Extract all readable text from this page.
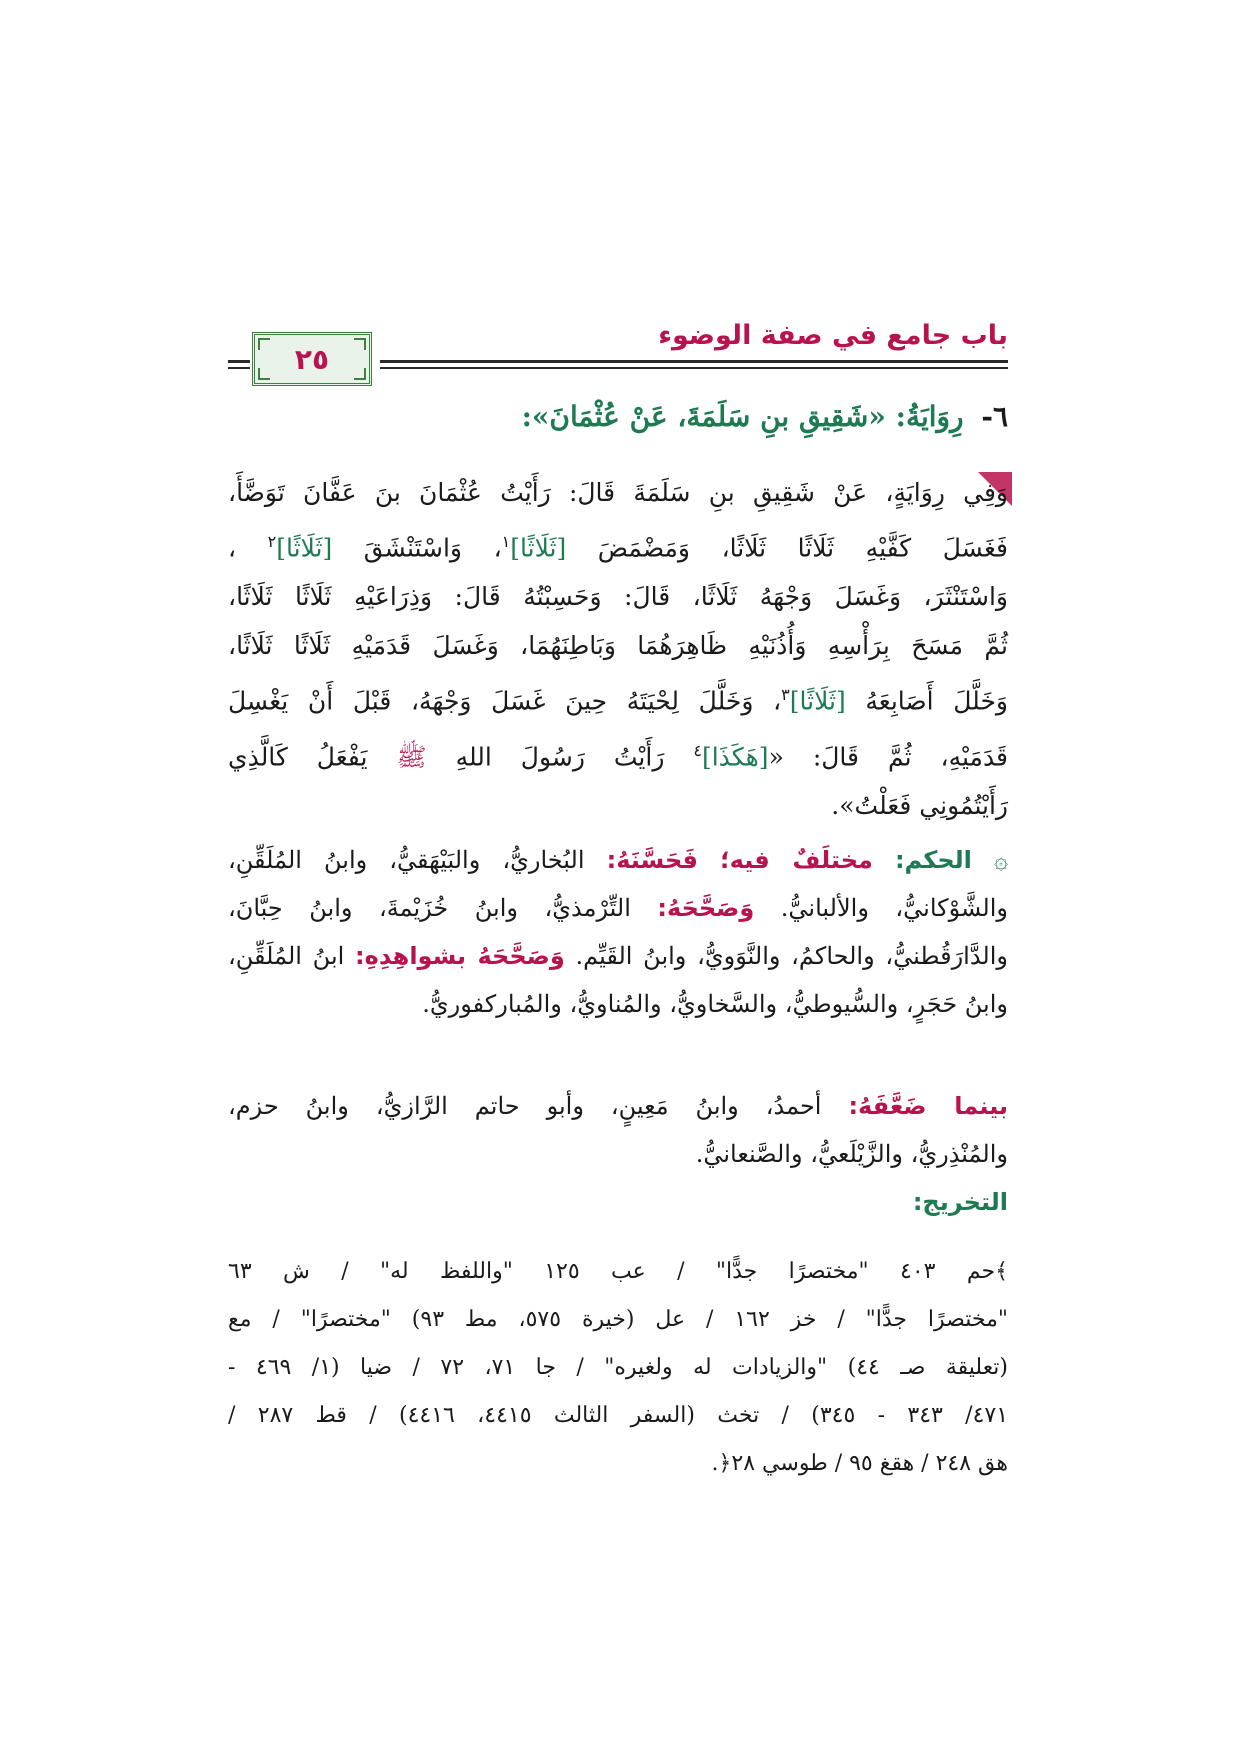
باب جامع في صفة الوضوء
٢٥
٦- رِوَايَةُ: «شَقِيقِ بنِ سَلَمَةَ، عَنْ عُثْمَانَ»:
وَفِي رِوَايَةٍ، عَنْ شَقِيقِ بنِ سَلَمَةَ قَالَ: رَأَيْتُ عُثْمَانَ بنَ عَفَّانَ تَوَضَّأَ،
فَغَسَلَ كَفَّيْهِ ثَلَاثًا ثَلَاثًا، وَمَضْمَضَ [ثَلَاثًا]$^١$، وَاسْتَنْشَقَ [ثَلَاثًا]$^٢$ ،
وَاسْتَنْثَرَ، وَغَسَلَ وَجْهَهُ ثَلَاثًا، قَالَ: وَحَسِبْتُهُ قَالَ: وَذِرَاعَيْهِ ثَلَاثًا ثَلَاثًا،
ثُمَّ مَسَحَ بِرَأْسِهِ وَأُذُنَيْهِ ظَاهِرَهُمَا وَبَاطِنَهُمَا، وَغَسَلَ قَدَمَيْهِ ثَلَاثًا ثَلَاثًا،
وَخَلَّلَ أَصَابِعَهُ [ثَلَاثًا]$^٣$، وَخَلَّلَ لِحْيَتَهُ حِينَ غَسَلَ وَجْهَهُ، قَبْلَ أَنْ يَغْسِلَ
قَدَمَيْهِ، ثُمَّ قَالَ: «[هَكَذَا]$^٤$ رَأَيْتُ رَسُولَ اللهِ ﷺ يَفْعَلُ كَالَّذِي
رَأَيْتُمُونِي فَعَلْتُ».
۞ الحكم: مختلَفٌ فيه؛ فَحَسَّنَهُ: البُخاريُّ، والبَيْهَقيُّ، وابنُ المُلَقِّنِ،
والشَّوْكانيُّ، والألبانيُّ. وَصَحَّحَهُ: التِّرْمذيُّ، وابنُ خُزَيْمةَ، وابنُ حِبَّانَ،
والدَّارَقُطنيُّ، والحاكمُ، والنَّوَويُّ، وابنُ القَيِّم. وَصَحَّحَهُ بشواهِدِهِ: ابنُ المُلَقِّنِ،
وابنُ حَجَرٍ، والسُّيوطيُّ، والسَّخاويُّ، والمُناويُّ، والمُباركفوريُّ.
بينما ضَعَّفَهُ: أحمدُ، وابنُ مَعِينٍ، وأبو حاتم الرَّازيُّ، وابنُ حزم،
والمُنْذِريُّ، والزَّيْلَعيُّ، والصَّنعانيُّ.
التخريج:
﴾حم ٤٠٣ "مختصرًا جدًّا" / عب ١٢٥ "واللفظ له" / ش ٦٣
"مختصرًا جدًّا" / خز ١٦٢ / عل (خيرة ٥٧٥، مط ٩٣) "مختصرًا" / مع
(تعليقة صـ ٤٤) "والزيادات له ولغيره" / جا ٧١، ٧٢ / ضيا (١/ ٤٦٩ -
٤٧١/ ٣٤٣ - ٣٤٥) / تخث (السفر الثالث ٤٤١٥، ٤٤١٦) / قط ٢٨٧ /
هق ٢٤٨ / هقغ ٩٥ / طوسي ٢٨﴿.
